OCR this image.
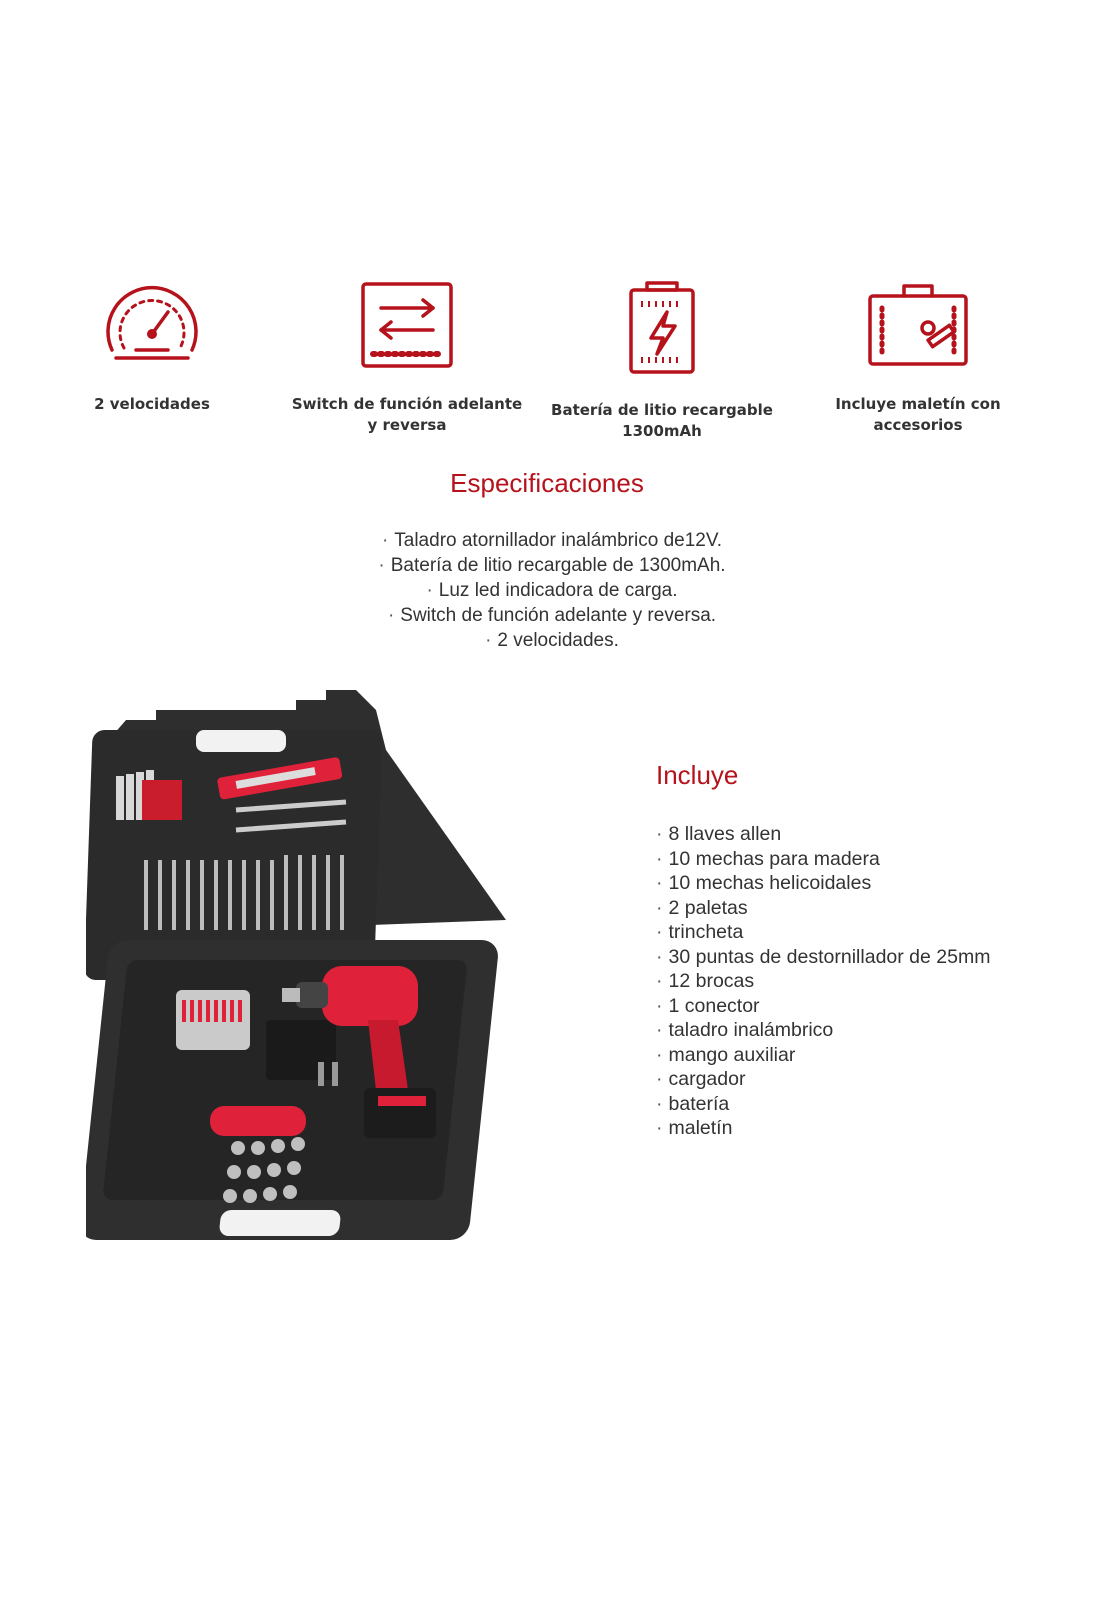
2 velocidades	Switch de función adelante y reversa
Batería de litio recargable 1300mAh
Incluye maletín con accesorios
Especificaciones
· Taladro atornillador inalámbrico de12V.
· Batería de litio recargable de 1300mAh.
· Luz led indicadora de carga.
· Switch de función adelante y reversa.
· 2 velocidades.
Incluye
· 8 llaves allen
· 10 mechas para madera
· 10 mechas helicoidales
· 2 paletas
· trincheta
· 30 puntas de destornillador de 25mm
· 12 brocas
· 1 conector
· taladro inalámbrico
· mango auxiliar
· cargador
· batería
· maletín
